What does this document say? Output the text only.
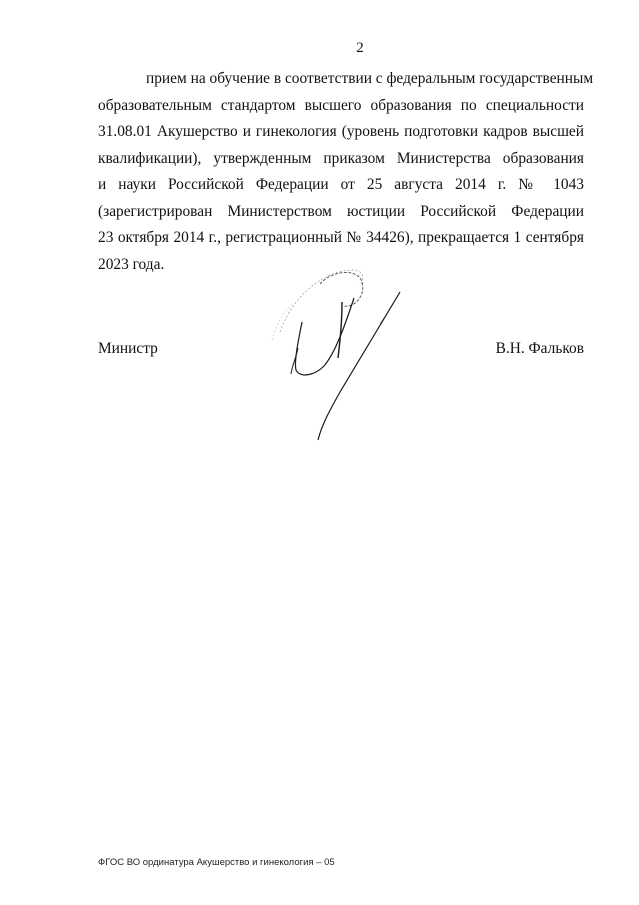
2
прием на обучение в соответствии с федеральным государственным
образовательным стандартом высшего образования по специальности
31.08.01 Акушерство и гинекология (уровень подготовки кадров высшей
квалификации), утвержденным приказом Министерства образования
и науки Российской Федерации от 25 августа 2014 г. № 1043
(зарегистрирован Министерством юстиции Российской Федерации
23 октября 2014 г., регистрационный № 34426), прекращается 1 сентября
2023 года.
Министр	В.Н. Фальков
ФГОС ВО ординатура Акушерство и гинекология – 05
